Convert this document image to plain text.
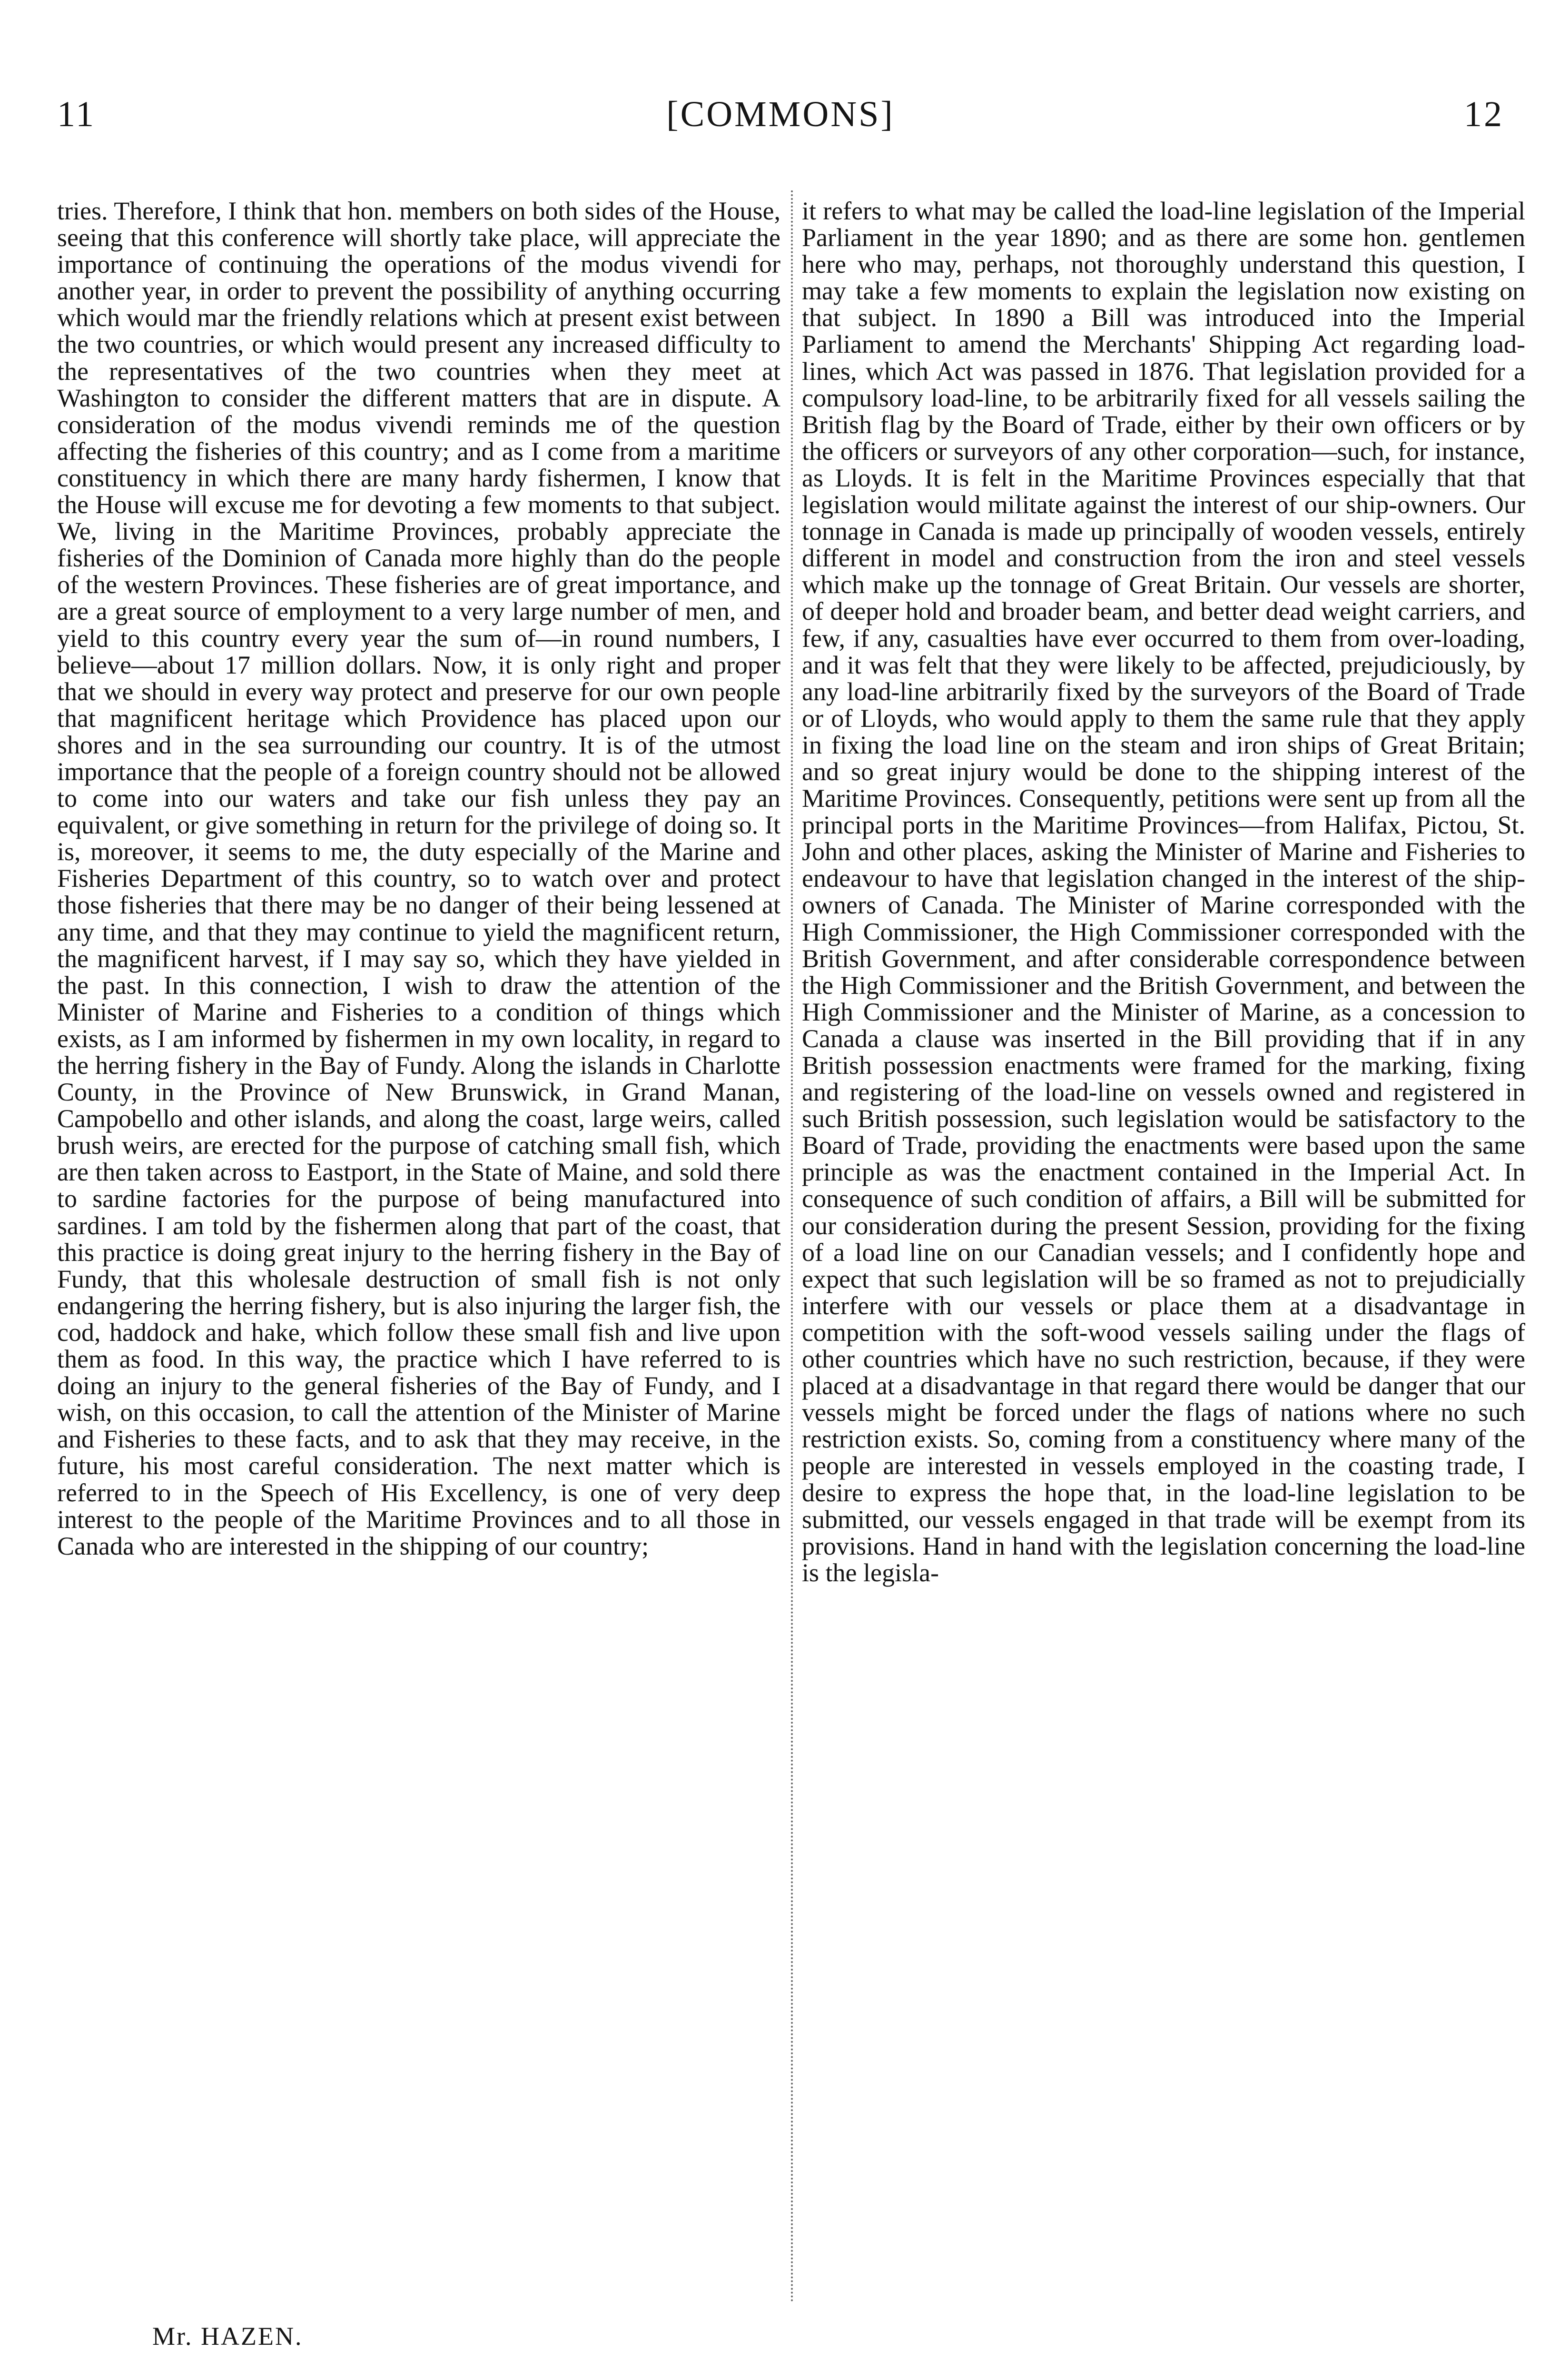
11	[COMMONS]	12

tries. Therefore, I think that hon. members on both sides of the House, seeing that this conference will shortly take place, will appreciate the importance of continuing the operations of the modus vivendi for another year, in order to prevent the possibility of anything occurring which would mar the friendly relations which at present exist between the two countries, or which would present any increased difficulty to the representatives of the two countries when they meet at Washington to consider the different matters that are in dispute. A consideration of the modus vivendi reminds me of the question affecting the fisheries of this country; and as I come from a maritime constituency in which there are many hardy fishermen, I know that the House will excuse me for devoting a few moments to that subject. We, living in the Maritime Provinces, probably appreciate the fisheries of the Dominion of Canada more highly than do the people of the western Provinces. These fisheries are of great importance, and are a great source of employment to a very large number of men, and yield to this country every year the sum of—in round numbers, I believe—about 17 million dollars. Now, it is only right and proper that we should in every way protect and preserve for our own people that magnificent heritage which Providence has placed upon our shores and in the sea surrounding our country. It is of the utmost importance that the people of a foreign country should not be allowed to come into our waters and take our fish unless they pay an equivalent, or give something in return for the privilege of doing so. It is, moreover, it seems to me, the duty especially of the Marine and Fisheries Department of this country, so to watch over and protect those fisheries that there may be no danger of their being lessened at any time, and that they may continue to yield the magnificent return, the magnificent harvest, if I may say so, which they have yielded in the past. In this connection, I wish to draw the attention of the Minister of Marine and Fisheries to a condition of things which exists, as I am informed by fishermen in my own locality, in regard to the herring fishery in the Bay of Fundy. Along the islands in Charlotte County, in the Province of New Brunswick, in Grand Manan, Campobello and other islands, and along the coast, large weirs, called brush weirs, are erected for the purpose of catching small fish, which are then taken across to Eastport, in the State of Maine, and sold there to sardine factories for the purpose of being manufactured into sardines. I am told by the fishermen along that part of the coast, that this practice is doing great injury to the herring fishery in the Bay of Fundy, that this wholesale destruction of small fish is not only endangering the herring fishery, but is also injuring the larger fish, the cod, haddock and hake, which follow these small fish and live upon them as food. In this way, the practice which I have referred to is doing an injury to the general fisheries of the Bay of Fundy, and I wish, on this occasion, to call the attention of the Minister of Marine and Fisheries to these facts, and to ask that they may receive, in the future, his most careful consideration. The next matter which is referred to in the Speech of His Excellency, is one of very deep interest to the people of the Maritime Provinces and to all those in Canada who are interested in the shipping of our country;

it refers to what may be called the load-line legislation of the Imperial Parliament in the year 1890; and as there are some hon. gentlemen here who may, perhaps, not thoroughly understand this question, I may take a few moments to explain the legislation now existing on that subject. In 1890 a Bill was introduced into the Imperial Parliament to amend the Merchants' Shipping Act regarding load-lines, which Act was passed in 1876. That legislation provided for a compulsory load-line, to be arbitrarily fixed for all vessels sailing the British flag by the Board of Trade, either by their own officers or by the officers or surveyors of any other corporation—such, for instance, as Lloyds. It is felt in the Maritime Provinces especially that that legislation would militate against the interest of our ship-owners. Our tonnage in Canada is made up principally of wooden vessels, entirely different in model and construction from the iron and steel vessels which make up the tonnage of Great Britain. Our vessels are shorter, of deeper hold and broader beam, and better dead weight carriers, and few, if any, casualties have ever occurred to them from over-loading, and it was felt that they were likely to be affected, prejudiciously, by any load-line arbitrarily fixed by the surveyors of the Board of Trade or of Lloyds, who would apply to them the same rule that they apply in fixing the load line on the steam and iron ships of Great Britain; and so great injury would be done to the shipping interest of the Maritime Provinces. Consequently, petitions were sent up from all the principal ports in the Maritime Provinces—from Halifax, Pictou, St. John and other places, asking the Minister of Marine and Fisheries to endeavour to have that legislation changed in the interest of the ship-owners of Canada. The Minister of Marine corresponded with the High Commissioner, the High Commissioner corresponded with the British Government, and after considerable correspondence between the High Commissioner and the British Government, and between the High Commissioner and the Minister of Marine, as a concession to Canada a clause was inserted in the Bill providing that if in any British possession enactments were framed for the marking, fixing and registering of the load-line on vessels owned and registered in such British possession, such legislation would be satisfactory to the Board of Trade, providing the enactments were based upon the same principle as was the enactment contained in the Imperial Act. In consequence of such condition of affairs, a Bill will be submitted for our consideration during the present Session, providing for the fixing of a load line on our Canadian vessels; and I confidently hope and expect that such legislation will be so framed as not to prejudicially interfere with our vessels or place them at a disadvantage in competition with the soft-wood vessels sailing under the flags of other countries which have no such restriction, because, if they were placed at a disadvantage in that regard there would be danger that our vessels might be forced under the flags of nations where no such restriction exists. So, coming from a constituency where many of the people are interested in vessels employed in the coasting trade, I desire to express the hope that, in the load-line legislation to be submitted, our vessels engaged in that trade will be exempt from its provisions. Hand in hand with the legislation concerning the load-line is the legisla-

Mr. HAZEN.
